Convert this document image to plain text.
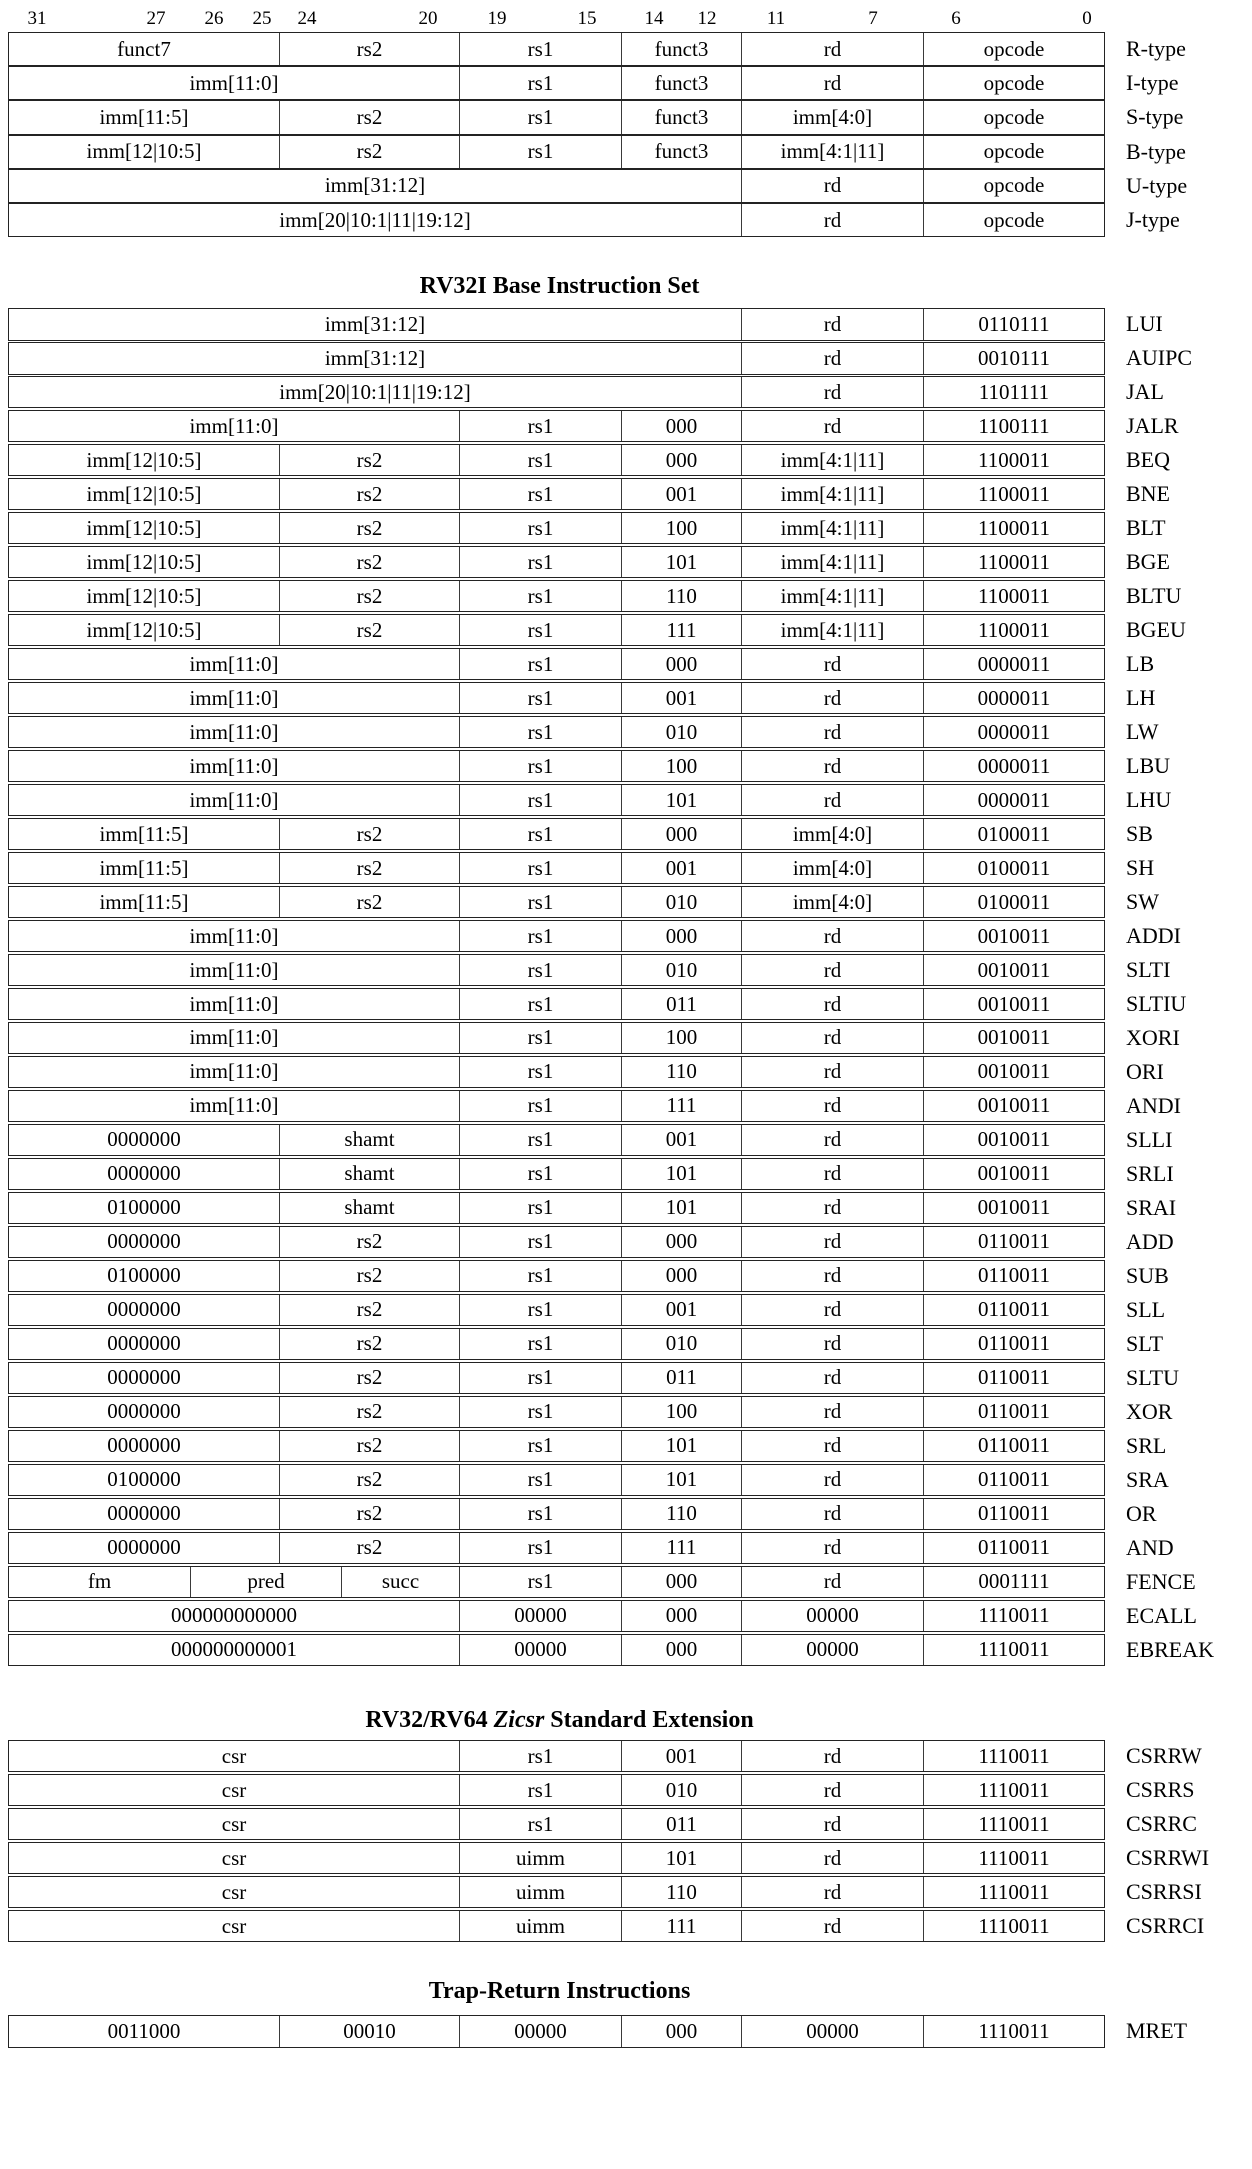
31	27 26 25 24	20	19	15	14 12	11	7	6	0
funct7	rs2	rs1	funct3	rd	opcode	R-type
imm[11:0]	rs1	funct3	rd	opcode	I-type
imm[11:5]	rs2	rs1	funct3	imm[4:0]	opcode	S-type
imm[12|10:5]	rs2	rs1	funct3	imm[4:1|11]	opcode	B-type
imm[31:12]	rd	opcode	U-type
imm[20|10:1|11|19:12]	rd	opcode	J-type
RV32I Base Instruction Set
imm[31:12]	rd	0110111	LUI
imm[31:12]	rd	0010111	AUIPC
imm[20|10:1|11|19:12]	rd	1101111	JAL
imm[11:0]	rs1	000	rd	1100111	JALR
imm[12|10:5]	rs2	rs1	000	imm[4:1|11]	1100011	BEQ
imm[12|10:5]	rs2	rs1	001	imm[4:1|11]	1100011	BNE
imm[12|10:5]	rs2	rs1	100	imm[4:1|11]	1100011	BLT
imm[12|10:5]	rs2	rs1	101	imm[4:1|11]	1100011	BGE
imm[12|10:5]	rs2	rs1	110	imm[4:1|11]	1100011	BLTU
imm[12|10:5]	rs2	rs1	111	imm[4:1|11]	1100011	BGEU
imm[11:0]	rs1	000	rd	0000011	LB
imm[11:0]	rs1	001	rd	0000011	LH
imm[11:0]	rs1	010	rd	0000011	LW
imm[11:0]	rs1	100	rd	0000011	LBU
imm[11:0]	rs1	101	rd	0000011	LHU
imm[11:5]	rs2	rs1	000	imm[4:0]	0100011	SB
imm[11:5]	rs2	rs1	001	imm[4:0]	0100011	SH
imm[11:5]	rs2	rs1	010	imm[4:0]	0100011	SW
imm[11:0]	rs1	000	rd	0010011	ADDI
imm[11:0]	rs1	010	rd	0010011	SLTI
imm[11:0]	rs1	011	rd	0010011	SLTIU
imm[11:0]	rs1	100	rd	0010011	XORI
imm[11:0]	rs1	110	rd	0010011	ORI
imm[11:0]	rs1	111	rd	0010011	ANDI
0000000	shamt	rs1	001	rd	0010011	SLLI
0000000	shamt	rs1	101	rd	0010011	SRLI
0100000	shamt	rs1	101	rd	0010011	SRAI
0000000	rs2	rs1	000	rd	0110011	ADD
0100000	rs2	rs1	000	rd	0110011	SUB
0000000	rs2	rs1	001	rd	0110011	SLL
0000000	rs2	rs1	010	rd	0110011	SLT
0000000	rs2	rs1	011	rd	0110011	SLTU
0000000	rs2	rs1	100	rd	0110011	XOR
0000000	rs2	rs1	101	rd	0110011	SRL
0100000	rs2	rs1	101	rd	0110011	SRA
0000000	rs2	rs1	110	rd	0110011	OR
0000000	rs2	rs1	111	rd	0110011	AND
fm	pred	succ	rs1	000	rd	0001111	FENCE
000000000000	00000	000	00000	1110011	ECALL
000000000001	00000	000	00000	1110011	EBREAK
RV32/RV64 Zicsr Standard Extension
csr	rs1	001	rd	1110011	CSRRW
csr	rs1	010	rd	1110011	CSRRS
csr	rs1	011	rd	1110011	CSRRC
csr	uimm	101	rd	1110011	CSRRWI
csr	uimm	110	rd	1110011	CSRRSI
csr	uimm	111	rd	1110011	CSRRCI
Trap-Return Instructions
0011000	00010	00000	000	00000	1110011	MRET
